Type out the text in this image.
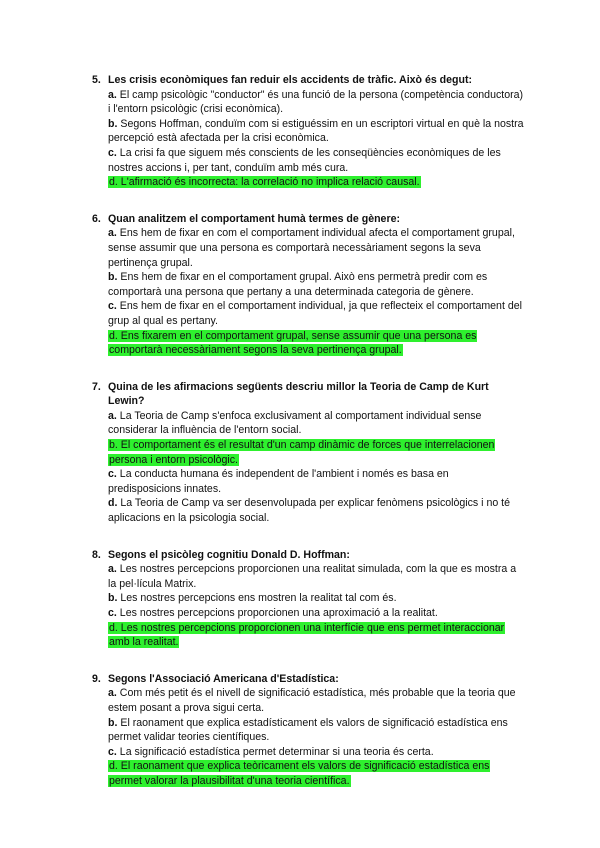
5. Les crisis econòmiques fan reduir els accidents de tràfic. Això és degut:
a. El camp psicològic "conductor" és una funció de la persona (competència conductora) i l'entorn psicològic (crisi econòmica).
b. Segons Hoffman, conduïm com si estiguéssim en un escriptori virtual en què la nostra percepció està afectada per la crisi econòmica.
c. La crisi fa que siguem més conscients de les conseqüències econòmiques de les nostres accions i, per tant, conduïm amb més cura.
d. L'afirmació és incorrecta: la correlació no implica relació causal.
6. Quan analitzem el comportament humà termes de gènere:
a. Ens hem de fixar en com el comportament individual afecta el comportament grupal, sense assumir que una persona es comportarà necessàriament segons la seva pertinença grupal.
b. Ens hem de fixar en el comportament grupal. Això ens permetrà predir com es comportarà una persona que pertany a una determinada categoria de gènere.
c. Ens hem de fixar en el comportament individual, ja que reflecteix el comportament del grup al qual es pertany.
d. Ens fixarem en el comportament grupal, sense assumir que una persona es comportarà necessàriament segons la seva pertinença grupal.
7. Quina de les afirmacions següents descriu millor la Teoria de Camp de Kurt Lewin?
a. La Teoria de Camp s'enfoca exclusivament al comportament individual sense considerar la influència de l'entorn social.
b. El comportament és el resultat d'un camp dinàmic de forces que interrelacionen persona i entorn psicològic.
c. La conducta humana és independent de l'ambient i només es basa en predisposicions innates.
d. La Teoria de Camp va ser desenvolupada per explicar fenòmens psicològics i no té aplicacions en la psicologia social.
8. Segons el psicòleg cognitiu Donald D. Hoffman:
a. Les nostres percepcions proporcionen una realitat simulada, com la que es mostra a la pel·lícula Matrix.
b. Les nostres percepcions ens mostren la realitat tal com és.
c. Les nostres percepcions proporcionen una aproximació a la realitat.
d. Les nostres percepcions proporcionen una interfície que ens permet interaccionar amb la realitat.
9. Segons l'Associació Americana d'Estadística:
a. Com més petit és el nivell de significació estadística, més probable que la teoria que estem posant a prova sigui certa.
b. El raonament que explica estadísticament els valors de significació estadística ens permet validar teories científiques.
c. La significació estadística permet determinar si una teoria és certa.
d. El raonament que explica teòricament els valors de significació estadística ens permet valorar la plausibilitat d'una teoria científica.
